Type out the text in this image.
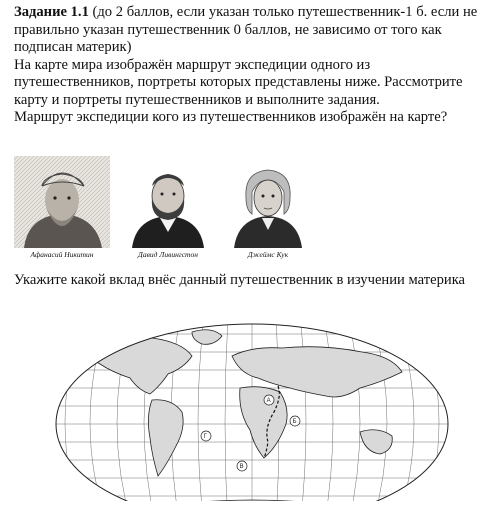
Задание 1.1 (до 2 баллов, если указан только путешественник-1 б. если не правильно указан путешественник 0 баллов, не зависимо от того как подписан материк)

На карте мира изображён маршрут экспедиции одного из путешественников, портреты которых представлены ниже. Рассмотрите карту и портреты путешественников и выполните задания.

Маршрут экспедиции кого из путешественников изображён на карте?

Афанасий Никитин	Давид Ливингстон	Джеймс Кук

Укажите какой вклад внёс данный путешественник в изучении материка

А
Б
В
Г
